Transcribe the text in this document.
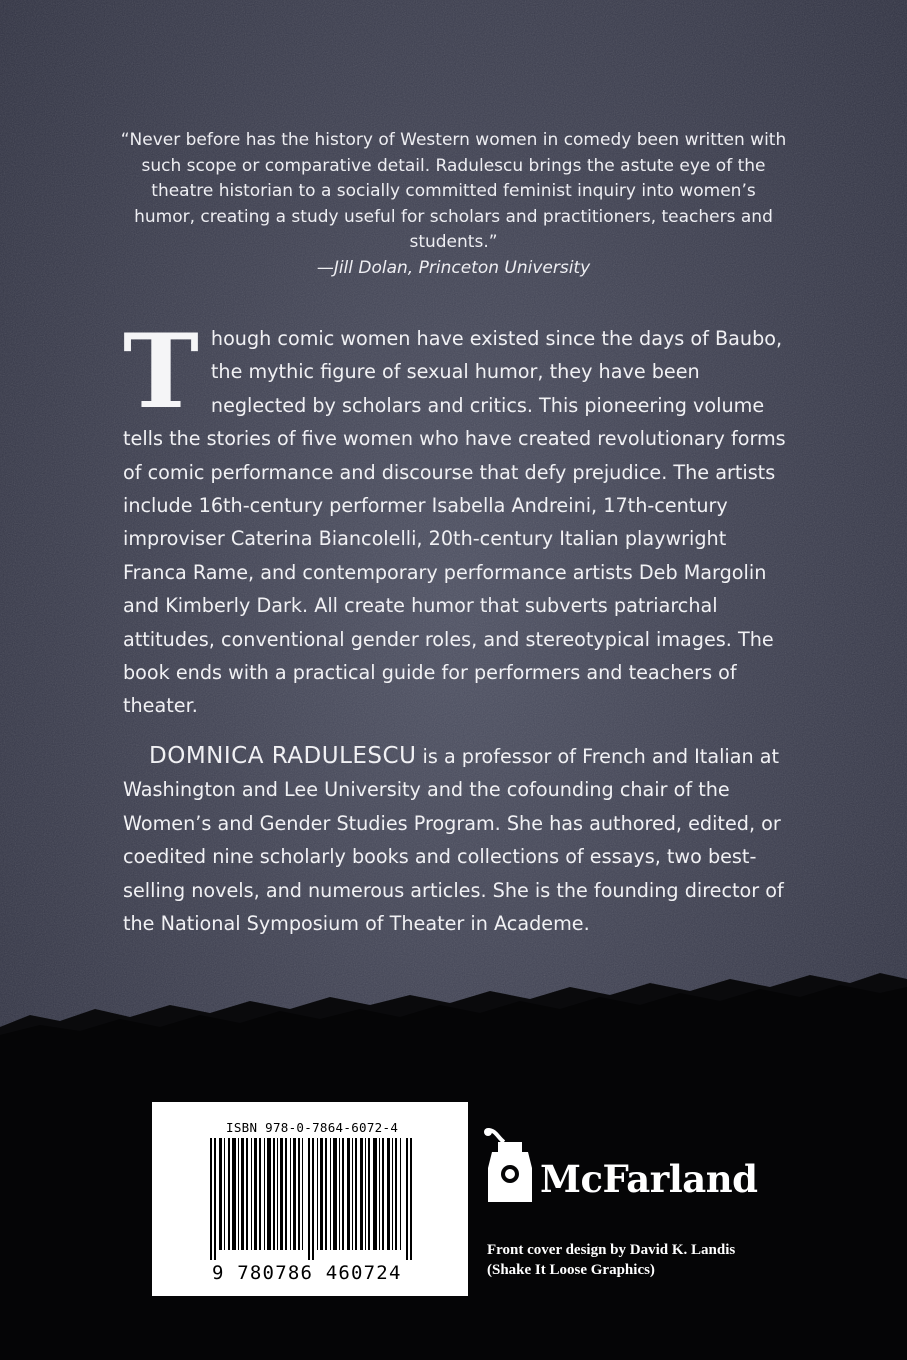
“Never before has the history of Western women in comedy been written with such scope or comparative detail. Radulescu brings the astute eye of the theatre historian to a socially committed feminist inquiry into women’s humor, creating a study useful for scholars and practitioners, teachers and students.”
—Jill Dolan, Princeton University
Though comic women have existed since the days of Baubo, the mythic figure of sexual humor, they have been neglected by scholars and critics. This pioneering volume tells the stories of five women who have created revolutionary forms of comic performance and discourse that defy prejudice. The artists include 16th-century performer Isabella Andreini, 17th-century improviser Caterina Biancolelli, 20th-century Italian playwright Franca Rame, and contemporary performance artists Deb Margolin and Kimberly Dark. All create humor that subverts patriarchal attitudes, conventional gender roles, and stereotypical images. The book ends with a practical guide for performers and teachers of theater.
DOMNICA RADULESCU is a professor of French and Italian at Washington and Lee University and the cofounding chair of the Women’s and Gender Studies Program. She has authored, edited, or coedited nine scholarly books and collections of essays, two best-selling novels, and numerous articles. She is the founding director of the National Symposium of Theater in Academe.
ISBN 978-0-7864-6072-4
9 780786 460724
McFarland
Front cover design by David K. Landis
(Shake It Loose Graphics)
